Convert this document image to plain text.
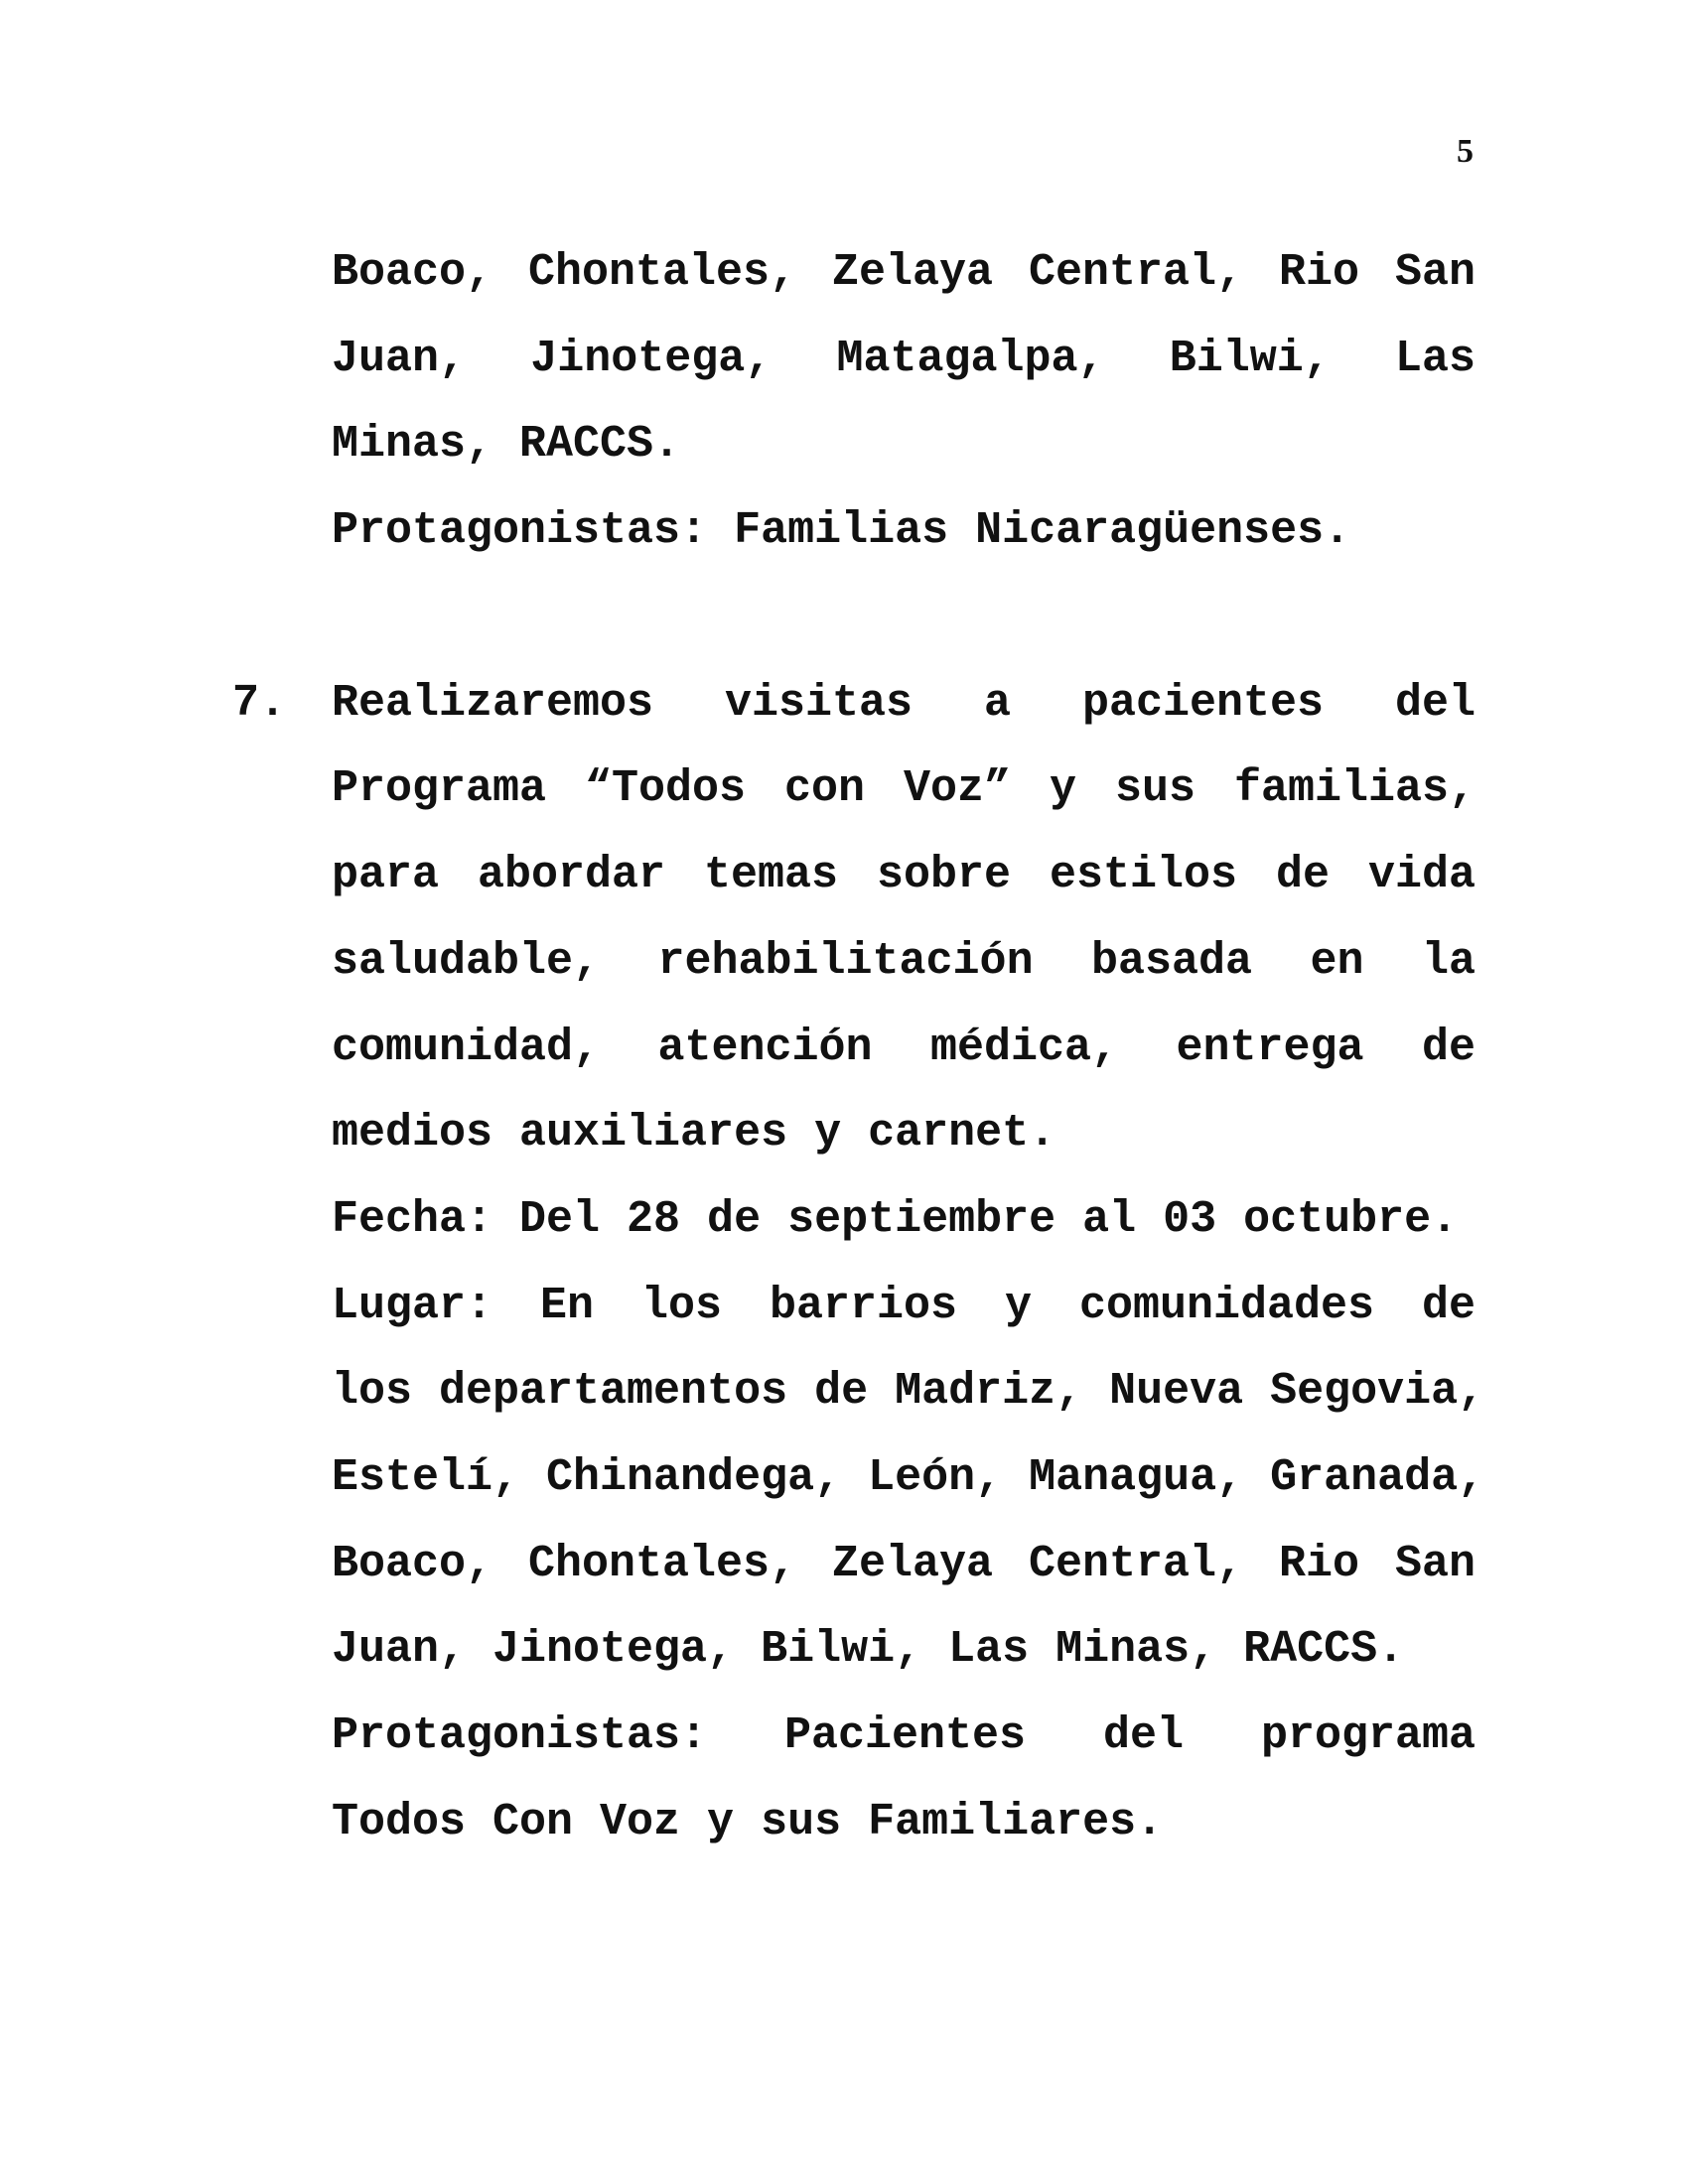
5
Boaco, Chontales, Zelaya Central, Rio San
Juan, Jinotega, Matagalpa, Bilwi, Las
Minas, RACCS.
Protagonistas: Familias Nicaragüenses.
7. Realizaremos visitas a pacientes del
Programa “Todos con Voz” y sus familias,
para abordar temas sobre estilos de vida
saludable, rehabilitación basada en la
comunidad, atención médica, entrega de
medios auxiliares y carnet.
Fecha: Del 28 de septiembre al 03 octubre.
Lugar: En los barrios y comunidades de
los departamentos de Madriz, Nueva Segovia,
Estelí, Chinandega, León, Managua, Granada,
Boaco, Chontales, Zelaya Central, Rio San
Juan, Jinotega, Bilwi, Las Minas, RACCS.
Protagonistas: Pacientes del programa
Todos Con Voz y sus Familiares.
